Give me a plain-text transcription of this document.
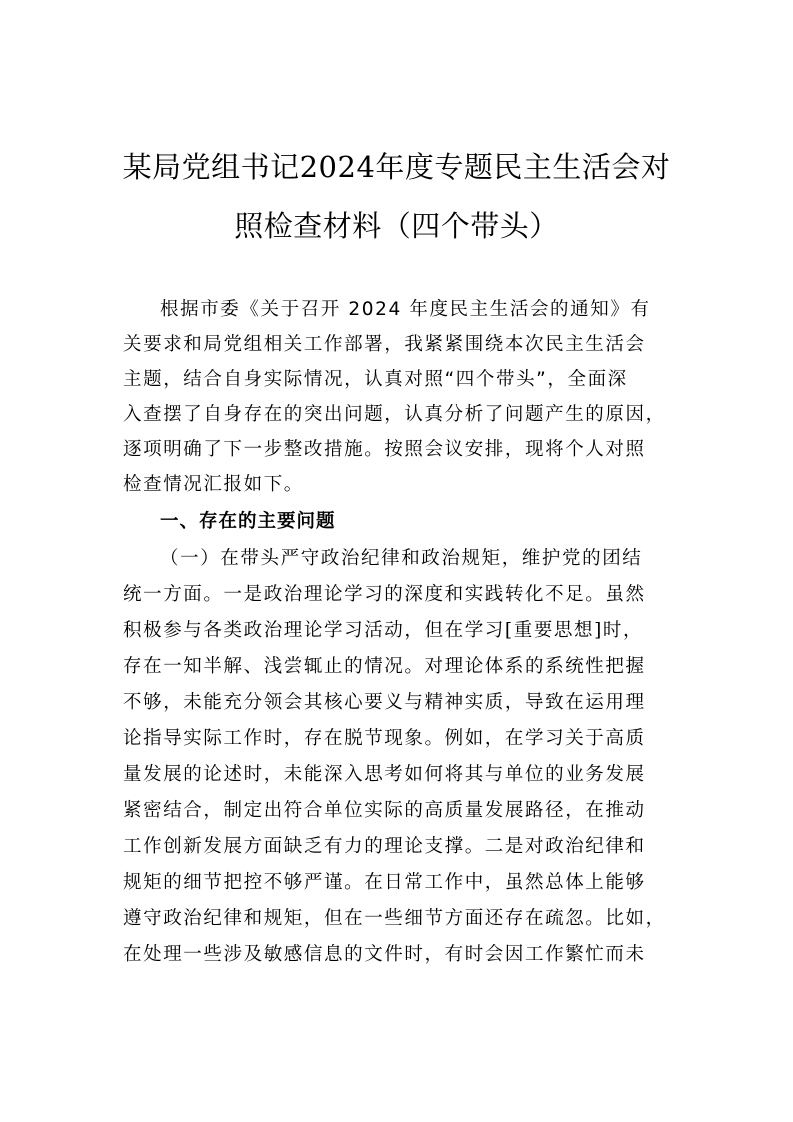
某局党组书记2024年度专题民主生活会对
照检查材料（四个带头）
根据市委《关于召开 2024 年度民主生活会的通知》有
关要求和局党组相关工作部署，我紧紧围绕本次民主生活会
主题，结合自身实际情况，认真对照“四个带头”，全面深
入查摆了自身存在的突出问题，认真分析了问题产生的原因，
逐项明确了下一步整改措施。按照会议安排，现将个人对照
检查情况汇报如下。
一、存在的主要问题
（一）在带头严守政治纪律和政治规矩，维护党的团结
统一方面。一是政治理论学习的深度和实践转化不足。虽然
积极参与各类政治理论学习活动，但在学习[重要思想]时，
存在一知半解、浅尝辄止的情况。对理论体系的系统性把握
不够，未能充分领会其核心要义与精神实质，导致在运用理
论指导实际工作时，存在脱节现象。例如，在学习关于高质
量发展的论述时，未能深入思考如何将其与单位的业务发展
紧密结合，制定出符合单位实际的高质量发展路径，在推动
工作创新发展方面缺乏有力的理论支撑。二是对政治纪律和
规矩的细节把控不够严谨。在日常工作中，虽然总体上能够
遵守政治纪律和规矩，但在一些细节方面还存在疏忽。比如，
在处理一些涉及敏感信息的文件时，有时会因工作繁忙而未
